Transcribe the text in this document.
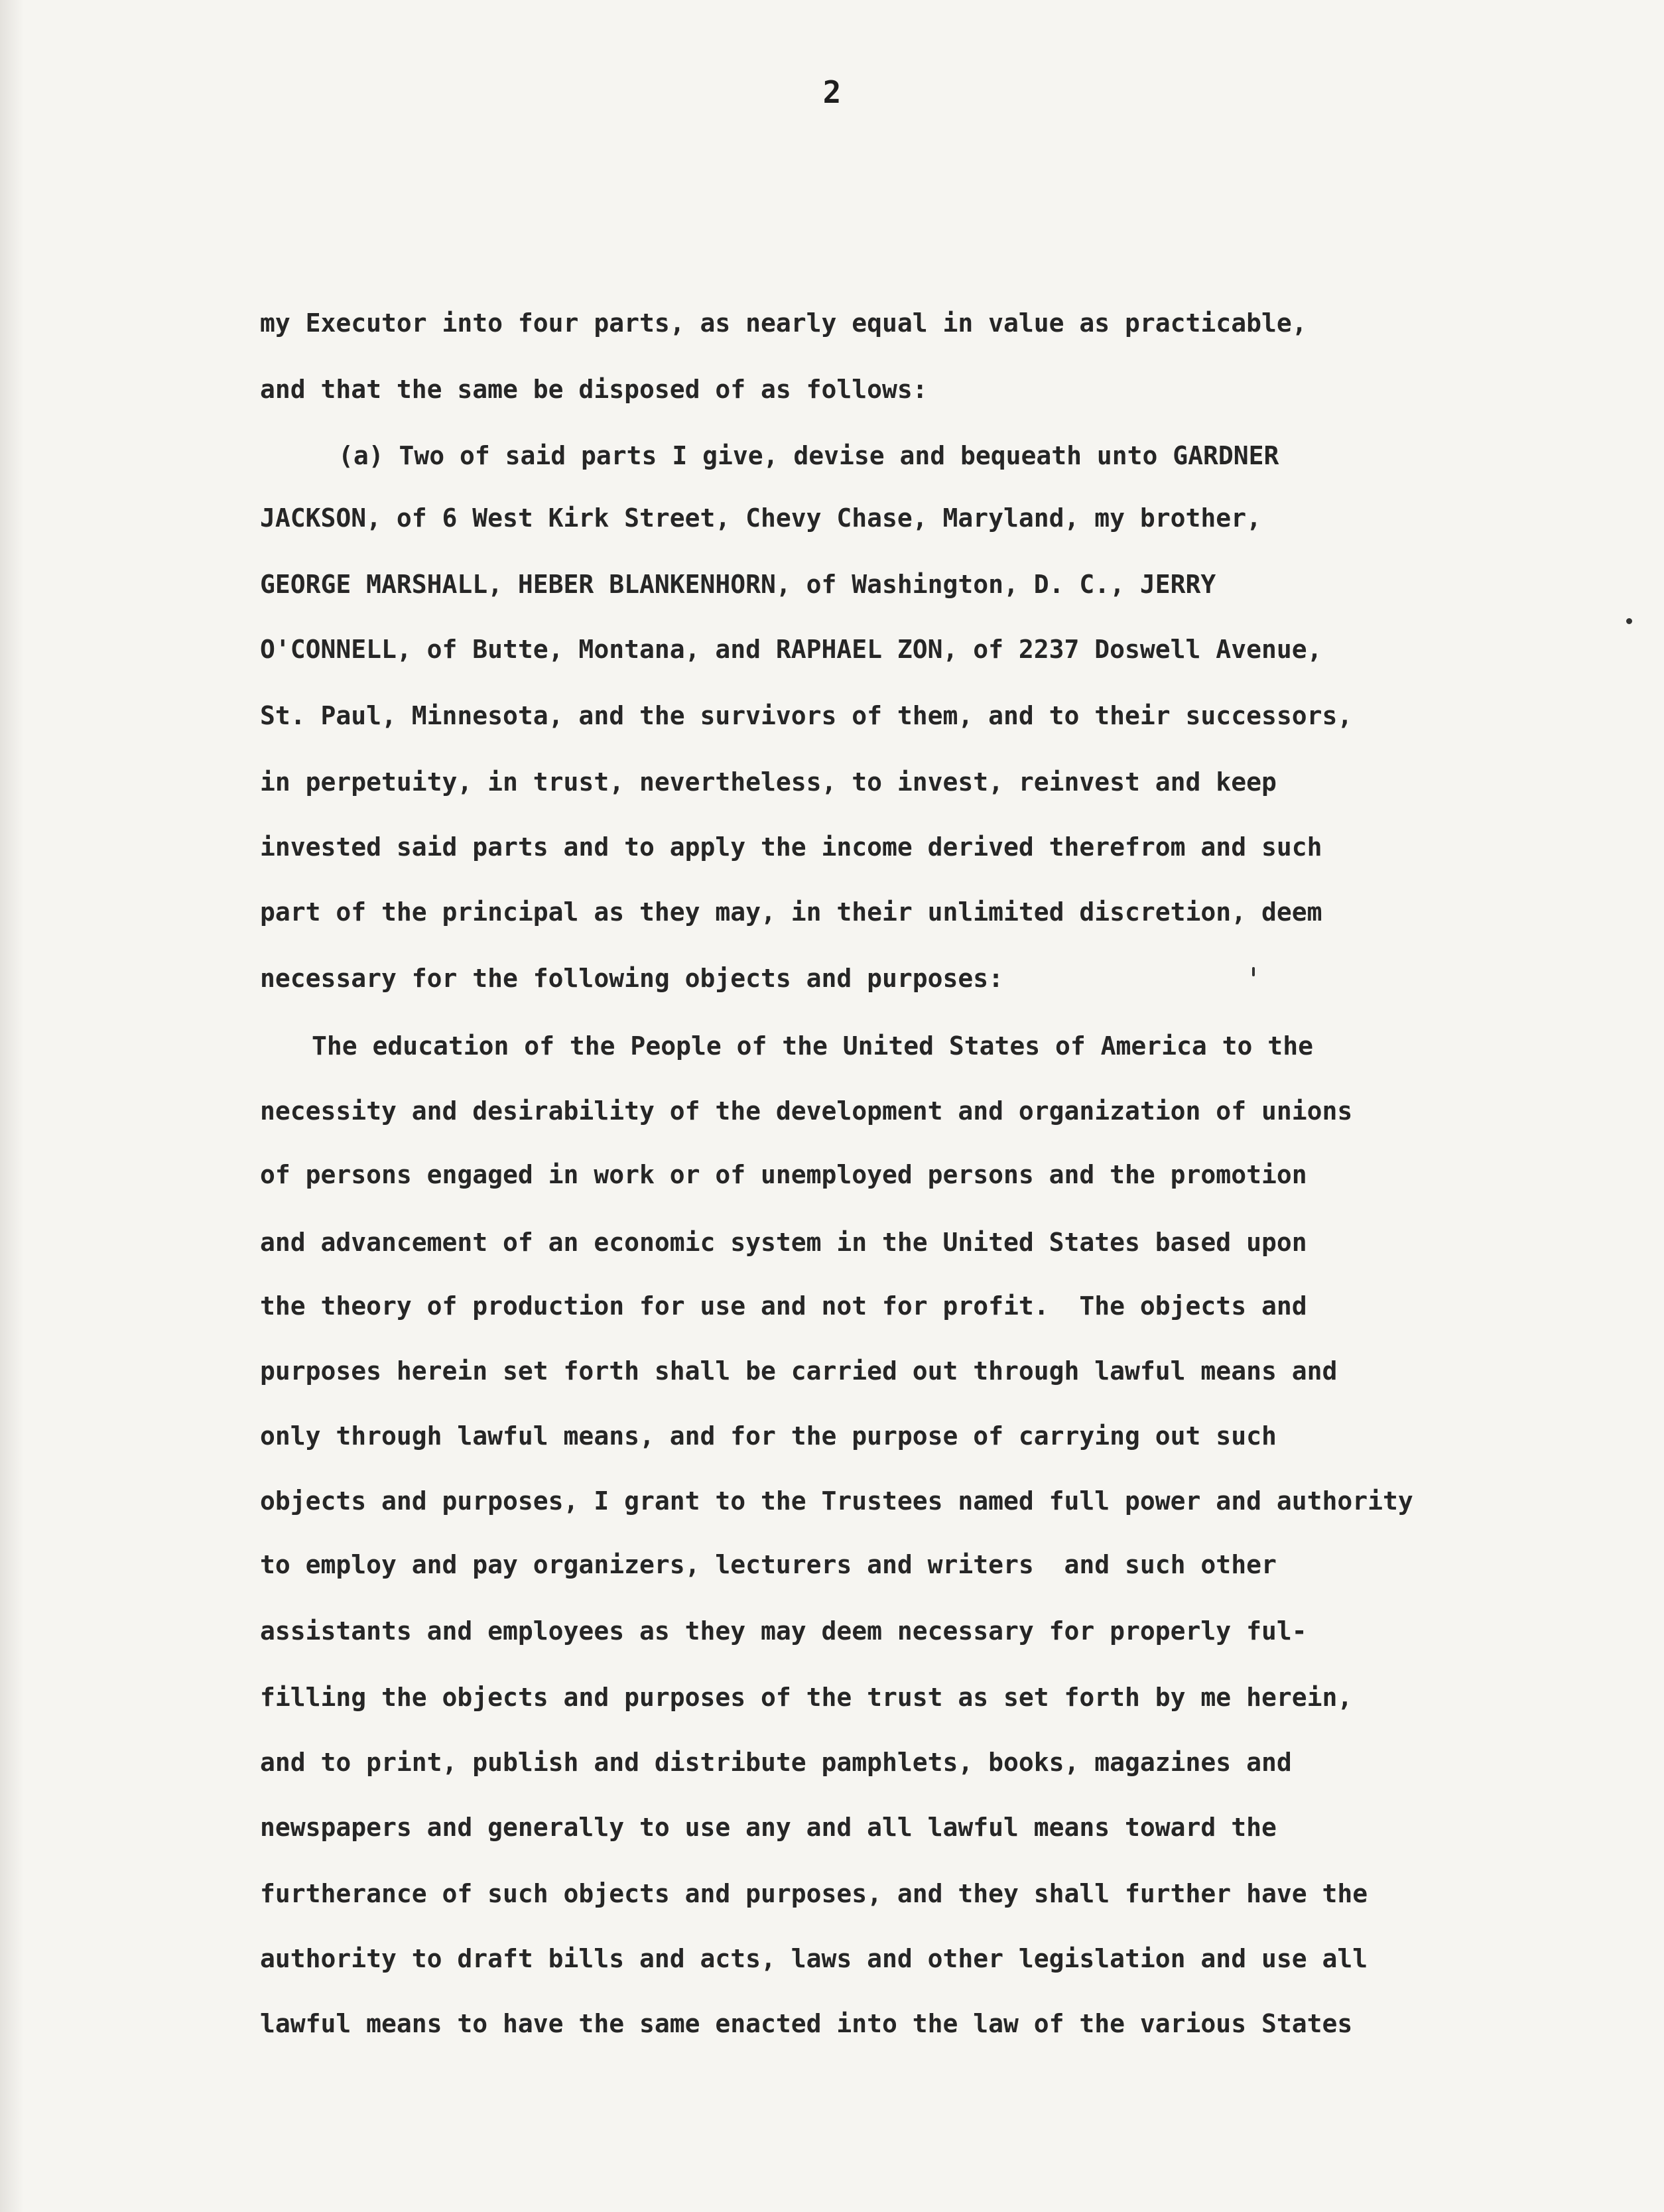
2
my Executor into four parts, as nearly equal in value as practicable,
and that the same be disposed of as follows:
(a) Two of said parts I give, devise and bequeath unto GARDNER
JACKSON, of 6 West Kirk Street, Chevy Chase, Maryland, my brother,
GEORGE MARSHALL, HEBER BLANKENHORN, of Washington, D. C., JERRY
O'CONNELL, of Butte, Montana, and RAPHAEL ZON, of 2237 Doswell Avenue,
St. Paul, Minnesota, and the survivors of them, and to their successors,
in perpetuity, in trust, nevertheless, to invest, reinvest and keep
invested said parts and to apply the income derived therefrom and such
part of the principal as they may, in their unlimited discretion, deem
necessary for the following objects and purposes:
The education of the People of the United States of America to the
necessity and desirability of the development and organization of unions
of persons engaged in work or of unemployed persons and the promotion
and advancement of an economic system in the United States based upon
the theory of production for use and not for profit.  The objects and
purposes herein set forth shall be carried out through lawful means and
only through lawful means, and for the purpose of carrying out such
objects and purposes, I grant to the Trustees named full power and authority
to employ and pay organizers, lecturers and writers  and such other
assistants and employees as they may deem necessary for properly ful-
filling the objects and purposes of the trust as set forth by me herein,
and to print, publish and distribute pamphlets, books, magazines and
newspapers and generally to use any and all lawful means toward the
furtherance of such objects and purposes, and they shall further have the
authority to draft bills and acts, laws and other legislation and use all
lawful means to have the same enacted into the law of the various States
